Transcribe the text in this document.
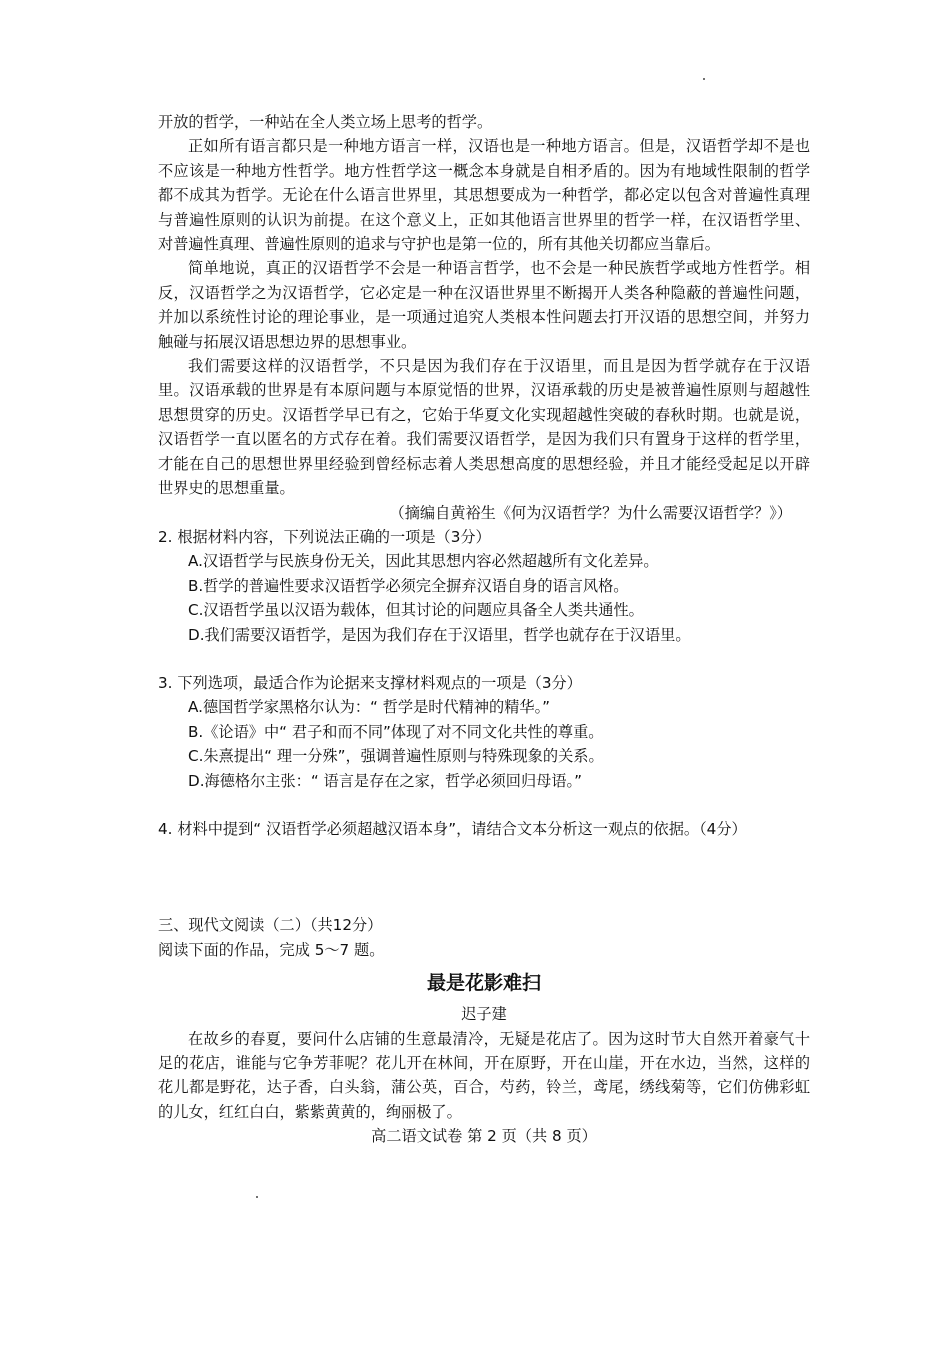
开放的哲学，一种站在全人类立场上思考的哲学。

正如所有语言都只是一种地方语言一样，汉语也是一种地方语言。但是，汉语哲学却不是也不应该是一种地方性哲学。地方性哲学这一概念本身就是自相矛盾的。因为有地域性限制的哲学都不成其为哲学。无论在什么语言世界里，其思想要成为一种哲学，都必定以包含对普遍性真理与普遍性原则的认识为前提。在这个意义上，正如其他语言世界里的哲学一样，在汉语哲学里、对普遍性真理、普遍性原则的追求与守护也是第一位的，所有其他关切都应当靠后。

简单地说，真正的汉语哲学不会是一种语言哲学，也不会是一种民族哲学或地方性哲学。相反，汉语哲学之为汉语哲学，它必定是一种在汉语世界里不断揭开人类各种隐蔽的普遍性问题，并加以系统性讨论的理论事业，是一项通过追究人类根本性问题去打开汉语的思想空间，并努力触碰与拓展汉语思想边界的思想事业。

我们需要这样的汉语哲学，不只是因为我们存在于汉语里，而且是因为哲学就存在于汉语里。汉语承载的世界是有本原问题与本原觉悟的世界，汉语承载的历史是被普遍性原则与超越性思想贯穿的历史。汉语哲学早已有之，它始于华夏文化实现超越性突破的春秋时期。也就是说，汉语哲学一直以匿名的方式存在着。我们需要汉语哲学，是因为我们只有置身于这样的哲学里，才能在自己的思想世界里经验到曾经标志着人类思想高度的思想经验，并且才能经受起足以开辟世界史的思想重量。

（摘编自黄裕生《何为汉语哲学？为什么需要汉语哲学？》）

2. 根据材料内容，下列说法正确的一项是（3分）

A.汉语哲学与民族身份无关，因此其思想内容必然超越所有文化差异。

B.哲学的普遍性要求汉语哲学必须完全摒弃汉语自身的语言风格。

C.汉语哲学虽以汉语为载体，但其讨论的问题应具备全人类共通性。

D.我们需要汉语哲学，是因为我们存在于汉语里，哲学也就存在于汉语里。

3. 下列选项，最适合作为论据来支撑材料观点的一项是（3分）

A.德国哲学家黑格尔认为：“ 哲学是时代精神的精华。”

B.《论语》中“ 君子和而不同”体现了对不同文化共性的尊重。

C.朱熹提出“ 理一分殊”，强调普遍性原则与特殊现象的关系。

D.海德格尔主张：“ 语言是存在之家，哲学必须回归母语。”

4. 材料中提到“ 汉语哲学必须超越汉语本身”，请结合文本分析这一观点的依据。（4分）

三、现代文阅读（二）（共12分）

阅读下面的作品，完成 5～7 题。

最是花影难扫

迟子建

在故乡的春夏，要问什么店铺的生意最清冷，无疑是花店了。因为这时节大自然开着豪气十足的花店，谁能与它争芳菲呢？花儿开在林间，开在原野，开在山崖，开在水边，当然，这样的花儿都是野花，达子香，白头翁，蒲公英，百合，芍药，铃兰，鸢尾，绣线菊等，它们仿佛彩虹的儿女，红红白白，紫紫黄黄的，绚丽极了。

高二语文试卷 第 2 页（共 8 页）
